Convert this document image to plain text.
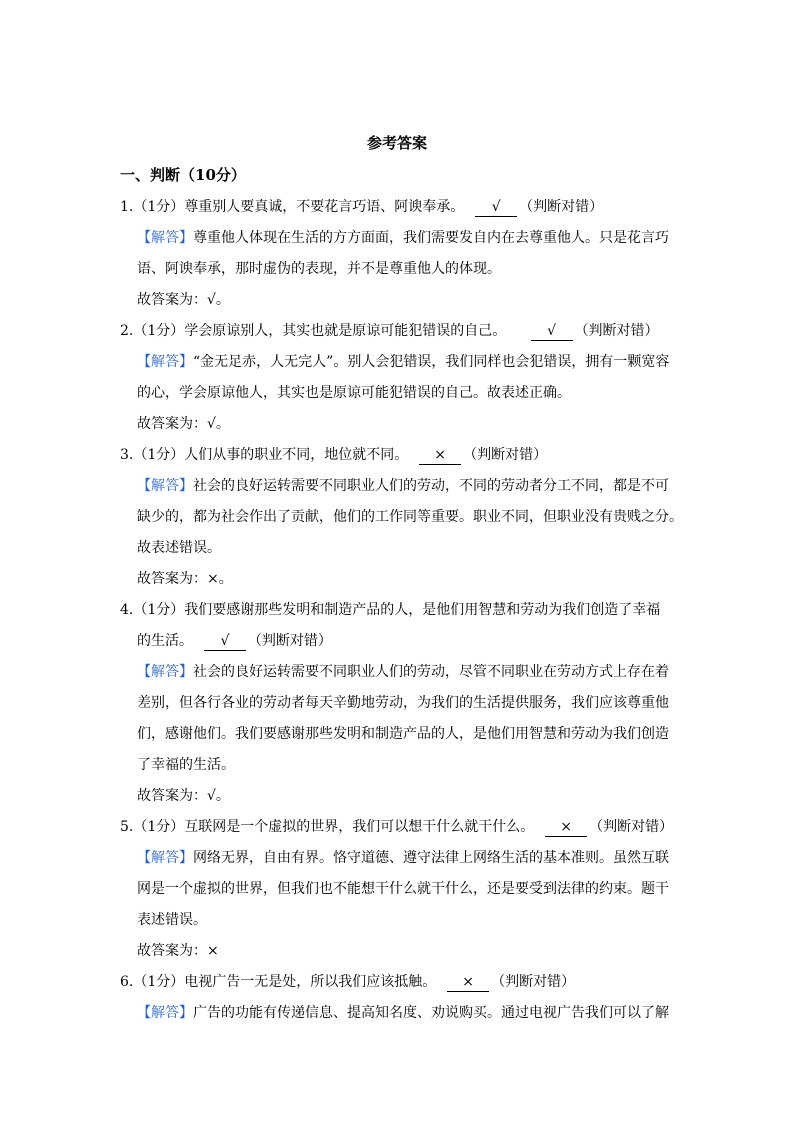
参考答案
一、判断（10分）
1.（1分）尊重别人要真诚，不要花言巧语、阿谀奉承。 √ （判断对错）
【解答】尊重他人体现在生活的方方面面，我们需要发自内在去尊重他人。只是花言巧
语、阿谀奉承，那时虚伪的表现，并不是尊重他人的体现。
故答案为：√。
2.（1分）学会原谅别人，其实也就是原谅可能犯错误的自己。	√ （判断对错）
【解答】“金无足赤，人无完人”。别人会犯错误，我们同样也会犯错误，拥有一颗宽容
的心，学会原谅他人，其实也是原谅可能犯错误的自己。故表述正确。
故答案为：√。
3.（1分）人们从事的职业不同，地位就不同。 × （判断对错）
【解答】社会的良好运转需要不同职业人们的劳动，不同的劳动者分工不同，都是不可
缺少的，都为社会作出了贡献，他们的工作同等重要。职业不同，但职业没有贵贱之分。
故表述错误。
故答案为：×。
4.（1分）我们要感谢那些发明和制造产品的人，是他们用智慧和劳动为我们创造了幸福
的生活。 √ （判断对错）
【解答】社会的良好运转需要不同职业人们的劳动，尽管不同职业在劳动方式上存在着
差别，但各行各业的劳动者每天辛勤地劳动，为我们的生活提供服务，我们应该尊重他
们，感谢他们。我们要感谢那些发明和制造产品的人，是他们用智慧和劳动为我们创造
了幸福的生活。
故答案为：√。
5.（1分）互联网是一个虚拟的世界，我们可以想干什么就干什么。 × （判断对错）
【解答】网络无界，自由有界。恪守道德、遵守法律上网络生活的基本准则。虽然互联
网是一个虚拟的世界，但我们也不能想干什么就干什么，还是要受到法律的约束。题干
表述错误。
故答案为：×
6.（1分）电视广告一无是处，所以我们应该抵触。 × （判断对错）
【解答】广告的功能有传递信息、提高知名度、劝说购买。通过电视广告我们可以了解
